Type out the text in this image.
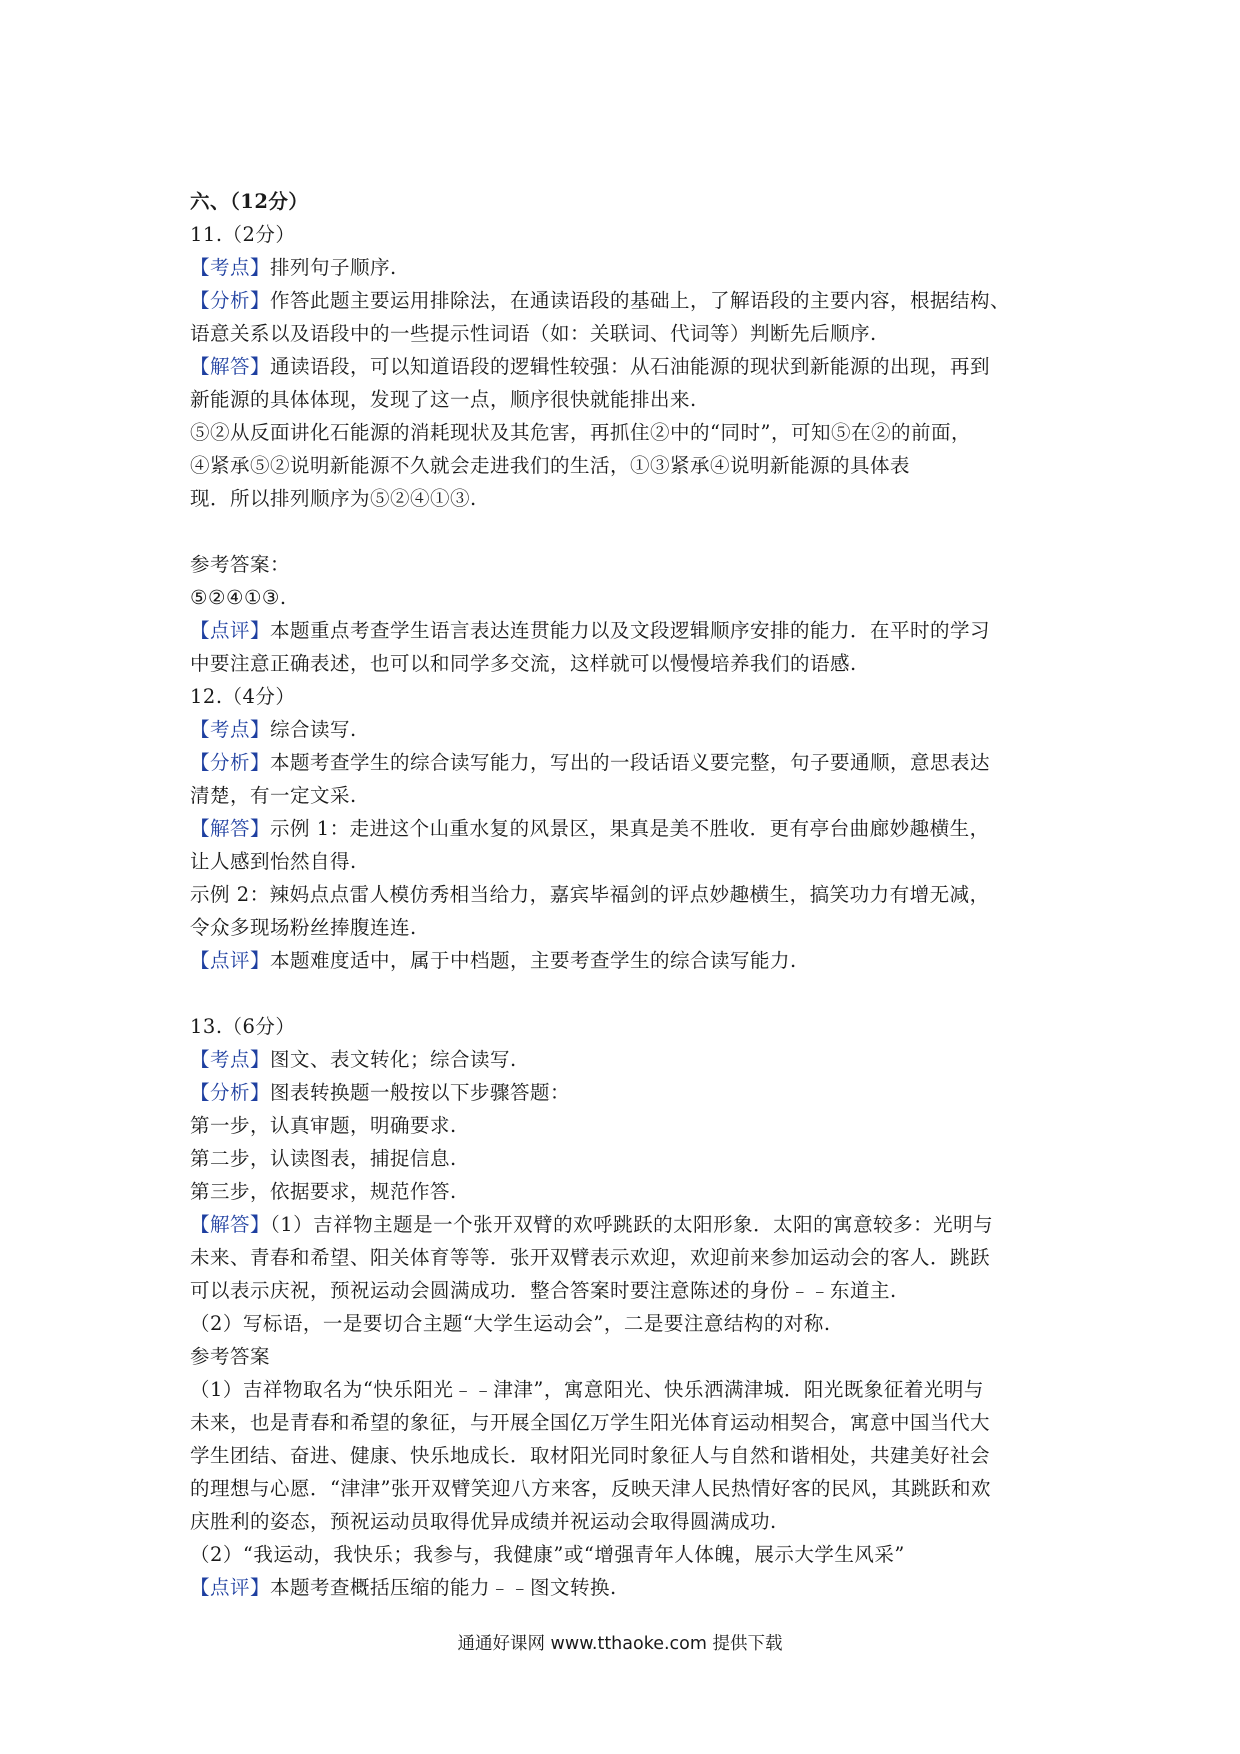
六、（12分）
11.（2分）
【考点】排列句子顺序.
【分析】作答此题主要运用排除法，在通读语段的基础上，了解语段的主要内容，根据结构、
语意关系以及语段中的一些提示性词语（如：关联词、代词等）判断先后顺序.
【解答】通读语段，可以知道语段的逻辑性较强：从石油能源的现状到新能源的出现，再到
新能源的具体体现，发现了这一点，顺序很快就能排出来.
⑤②从反面讲化石能源的消耗现状及其危害，再抓住②中的“同时”，可知⑤在②的前面，
④紧承⑤②说明新能源不久就会走进我们的生活，①③紧承④说明新能源的具体表
现．所以排列顺序为⑤②④①③.
参考答案：
⑤②④①③.
【点评】本题重点考查学生语言表达连贯能力以及文段逻辑顺序安排的能力．在平时的学习
中要注意正确表述，也可以和同学多交流，这样就可以慢慢培养我们的语感.
12.（4分）
【考点】综合读写.
【分析】本题考查学生的综合读写能力，写出的一段话语义要完整，句子要通顺，意思表达
清楚，有一定文采.
【解答】示例 1：走进这个山重水复的风景区，果真是美不胜收．更有亭台曲廊妙趣横生，
让人感到怡然自得.
示例 2：辣妈点点雷人模仿秀相当给力，嘉宾毕福剑的评点妙趣横生，搞笑功力有增无减，
令众多现场粉丝捧腹连连.
【点评】本题难度适中，属于中档题，主要考查学生的综合读写能力.
13.（6分）
【考点】图文、表文转化；综合读写.
【分析】图表转换题一般按以下步骤答题：
第一步，认真审题，明确要求.
第二步，认读图表，捕捉信息.
第三步，依据要求，规范作答.
【解答】（1）吉祥物主题是一个张开双臂的欢呼跳跃的太阳形象．太阳的寓意较多：光明与
未来、青春和希望、阳关体育等等．张开双臂表示欢迎，欢迎前来参加运动会的客人．跳跃
可以表示庆祝，预祝运动会圆满成功．整合答案时要注意陈述的身份﹣﹣东道主.
（2）写标语，一是要切合主题“大学生运动会”，二是要注意结构的对称.
参考答案
（1）吉祥物取名为“快乐阳光﹣﹣津津”，寓意阳光、快乐洒满津城．阳光既象征着光明与
未来，也是青春和希望的象征，与开展全国亿万学生阳光体育运动相契合，寓意中国当代大
学生团结、奋进、健康、快乐地成长．取材阳光同时象征人与自然和谐相处，共建美好社会
的理想与心愿．“津津”张开双臂笑迎八方来客，反映天津人民热情好客的民风，其跳跃和欢
庆胜利的姿态，预祝运动员取得优异成绩并祝运动会取得圆满成功.
（2）“我运动，我快乐；我参与，我健康”或“增强青年人体魄，展示大学生风采”
【点评】本题考查概括压缩的能力﹣﹣图文转换.
通通好课网 www.tthaoke.com 提供下载
